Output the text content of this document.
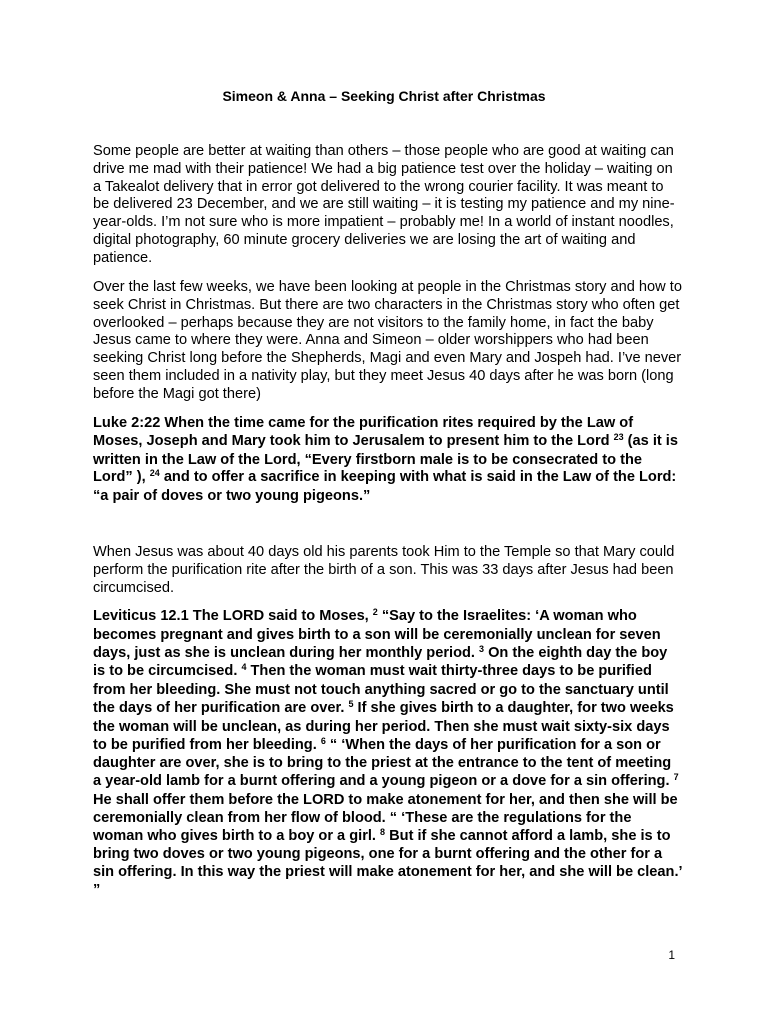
Simeon & Anna – Seeking Christ after Christmas

Some people are better at waiting than others – those people who are good at waiting can drive me mad with their patience! We had a big patience test over the holiday – waiting on a Takealot delivery that in error got delivered to the wrong courier facility. It was meant to be delivered 23 December, and we are still waiting – it is testing my patience and my nine-year-olds. I’m not sure who is more impatient – probably me! In a world of instant noodles, digital photography, 60 minute grocery deliveries we are losing the art of waiting and patience.

Over the last few weeks, we have been looking at people in the Christmas story and how to seek Christ in Christmas. But there are two characters in the Christmas story who often get overlooked – perhaps because they are not visitors to the family home, in fact the baby Jesus came to where they were. Anna and Simeon – older worshippers who had been seeking Christ long before the Shepherds, Magi and even Mary and Jospeh had. I’ve never seen them included in a nativity play, but they meet Jesus 40 days after he was born (long before the Magi got there)

Luke 2:22 When the time came for the purification rites required by the Law of Moses, Joseph and Mary took him to Jerusalem to present him to the Lord $^{23}$ (as it is written in the Law of the Lord, “Every firstborn male is to be consecrated to the Lord” ), $^{24}$ and to offer a sacrifice in keeping with what is said in the Law of the Lord: “a pair of doves or two young pigeons.”

When Jesus was about 40 days old his parents took Him to the Temple so that Mary could perform the purification rite after the birth of a son. This was 33 days after Jesus had been circumcised.

Leviticus 12.1 The LORD said to Moses, $^2$ “Say to the Israelites: ‘A woman who becomes pregnant and gives birth to a son will be ceremonially unclean for seven days, just as she is unclean during her monthly period. $^3$ On the eighth day the boy is to be circumcised. $^4$ Then the woman must wait thirty-three days to be purified from her bleeding. She must not touch anything sacred or go to the sanctuary until the days of her purification are over. $^5$ If she gives birth to a daughter, for two weeks the woman will be unclean, as during her period. Then she must wait sixty-six days to be purified from her bleeding. $^6$ “ ‘When the days of her purification for a son or daughter are over, she is to bring to the priest at the entrance to the tent of meeting a year-old lamb for a burnt offering and a young pigeon or a dove for a sin offering. $^7$ He shall offer them before the LORD to make atonement for her, and then she will be ceremonially clean from her flow of blood. “ ‘These are the regulations for the woman who gives birth to a boy or a girl. $^8$ But if she cannot afford a lamb, she is to bring two doves or two young pigeons, one for a burnt offering and the other for a sin offering. In this way the priest will make atonement for her, and she will be clean.’ ”

1
